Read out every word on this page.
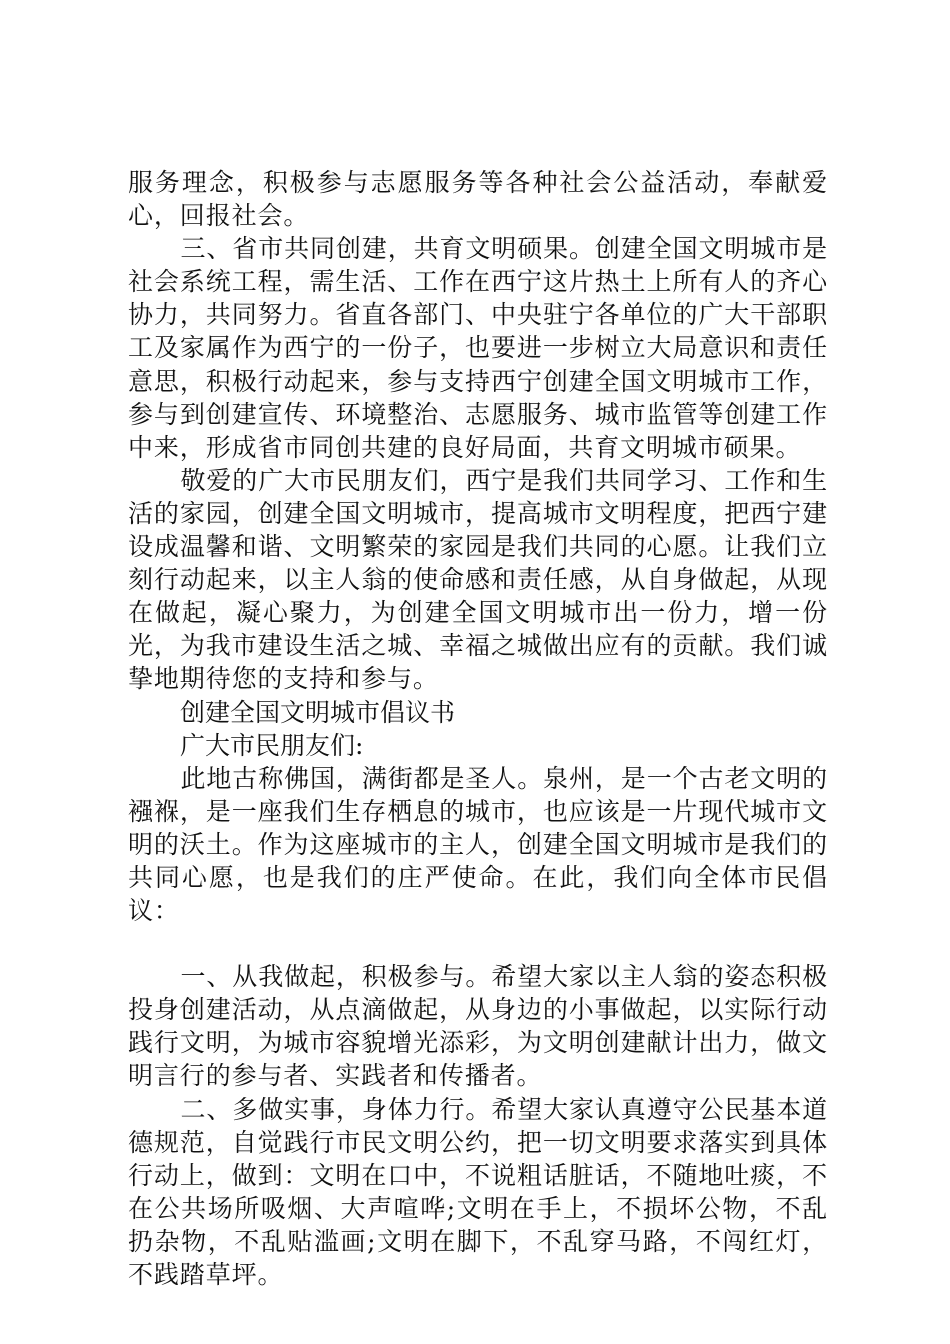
服务理念，积极参与志愿服务等各种社会公益活动，奉献爱心，回报社会。

三、省市共同创建，共育文明硕果。创建全国文明城市是社会系统工程，需生活、工作在西宁这片热土上所有人的齐心协力，共同努力。省直各部门、中央驻宁各单位的广大干部职工及家属作为西宁的一份子，也要进一步树立大局意识和责任意思，积极行动起来，参与支持西宁创建全国文明城市工作，参与到创建宣传、环境整治、志愿服务、城市监管等创建工作中来，形成省市同创共建的良好局面，共育文明城市硕果。

敬爱的广大市民朋友们，西宁是我们共同学习、工作和生活的家园，创建全国文明城市，提高城市文明程度，把西宁建设成温馨和谐、文明繁荣的家园是我们共同的心愿。让我们立刻行动起来，以主人翁的使命感和责任感，从自身做起，从现在做起，凝心聚力，为创建全国文明城市出一份力，增一份光，为我市建设生活之城、幸福之城做出应有的贡献。我们诚挚地期待您的支持和参与。

创建全国文明城市倡议书

广大市民朋友们:

此地古称佛国，满街都是圣人。泉州，是一个古老文明的襁褓，是一座我们生存栖息的城市，也应该是一片现代城市文明的沃土。作为这座城市的主人，创建全国文明城市是我们的共同心愿，也是我们的庄严使命。在此，我们向全体市民倡议：

一、从我做起，积极参与。希望大家以主人翁的姿态积极投身创建活动，从点滴做起，从身边的小事做起，以实际行动践行文明，为城市容貌增光添彩，为文明创建献计出力，做文明言行的参与者、实践者和传播者。

二、多做实事，身体力行。希望大家认真遵守公民基本道德规范，自觉践行市民文明公约，把一切文明要求落实到具体行动上，做到：文明在口中，不说粗话脏话，不随地吐痰，不在公共场所吸烟、大声喧哗;文明在手上，不损坏公物，不乱扔杂物，不乱贴滥画;文明在脚下，不乱穿马路，不闯红灯，不践踏草坪。
